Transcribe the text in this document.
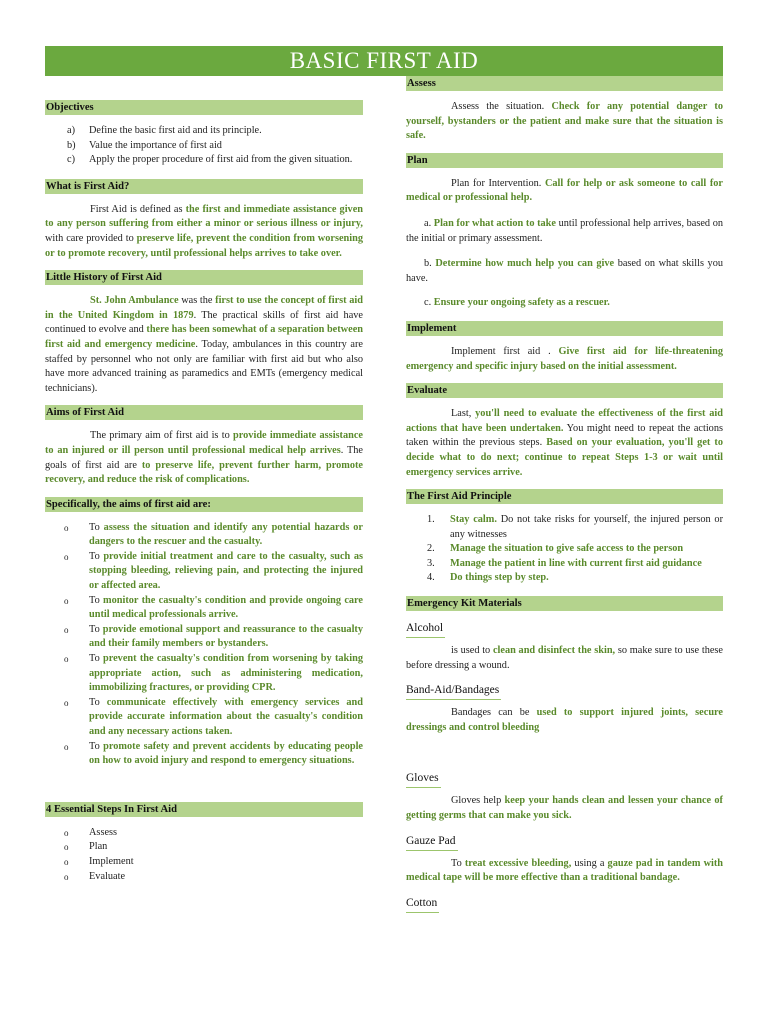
BASIC FIRST AID
Objectives
a) Define the basic first aid and its principle.
b) Value the importance of first aid
c) Apply the proper procedure of first aid from the given situation.
What is First Aid?

First Aid is defined as the first and immediate assistance given to any person suffering from either a minor or serious illness or injury, with care provided to preserve life, prevent the condition from worsening or to promote recovery, until professional helps arrives to take over.

Little History of First Aid

St. John Ambulance was the first to use the concept of first aid in the United Kingdom in 1879. The practical skills of first aid have continued to evolve and there has been somewhat of a separation between first aid and emergency medicine. Today, ambulances in this country are staffed by personnel who not only are familiar with first aid but who also have more advanced training as paramedics and EMTs (emergency medical technicians).

Aims of First Aid

The primary aim of first aid is to provide immediate assistance to an injured or ill person until professional medical help arrives. The goals of first aid are to preserve life, prevent further harm, promote recovery, and reduce the risk of complications.

Specifically, the aims of first aid are:
o To assess the situation and identify any potential hazards or dangers to the rescuer and the casualty.
o To provide initial treatment and care to the casualty, such as stopping bleeding, relieving pain, and protecting the injured or affected area.
o To monitor the casualty's condition and provide ongoing care until medical professionals arrive.
o To provide emotional support and reassurance to the casualty and their family members or bystanders.
o To prevent the casualty's condition from worsening by taking appropriate action, such as administering medication, immobilizing fractures, or providing CPR.
o To communicate effectively with emergency services and provide accurate information about the casualty's condition and any necessary actions taken.
o To promote safety and prevent accidents by educating people on how to avoid injury and respond to emergency situations.
4 Essential Steps In First Aid
o Assess
o Plan
o Implement
o Evaluate
Assess

Assess the situation. Check for any potential danger to yourself, bystanders or the patient and make sure that the situation is safe.

Plan

Plan for Intervention. Call for help or ask someone to call for medical or professional help.

a. Plan for what action to take until professional help arrives, based on the initial or primary assessment.

b. Determine how much help you can give based on what skills you have.

c. Ensure your ongoing safety as a rescuer.

Implement

Implement first aid . Give first aid for life-threatening emergency and specific injury based on the initial assessment.

Evaluate

Last, you'll need to evaluate the effectiveness of the first aid actions that have been undertaken. You might need to repeat the actions taken within the previous steps. Based on your evaluation, you'll get to decide what to do next; continue to repeat Steps 1-3 or wait until emergency services arrive.

The First Aid Principle
1. Stay calm. Do not take risks for yourself, the injured person or any witnesses
2. Manage the situation to give safe access to the person
3. Manage the patient in line with current first aid guidance
4. Do things step by step.
Emergency Kit Materials
Alcohol

is used to clean and disinfect the skin, so make sure to use these before dressing a wound.

Band-Aid/Bandages

Bandages can be used to support injured joints, secure dressings and control bleeding

Gloves

Gloves help keep your hands clean and lessen your chance of getting germs that can make you sick.

Gauze Pad

To treat excessive bleeding, using a gauze pad in tandem with medical tape will be more effective than a traditional bandage.

Cotton
